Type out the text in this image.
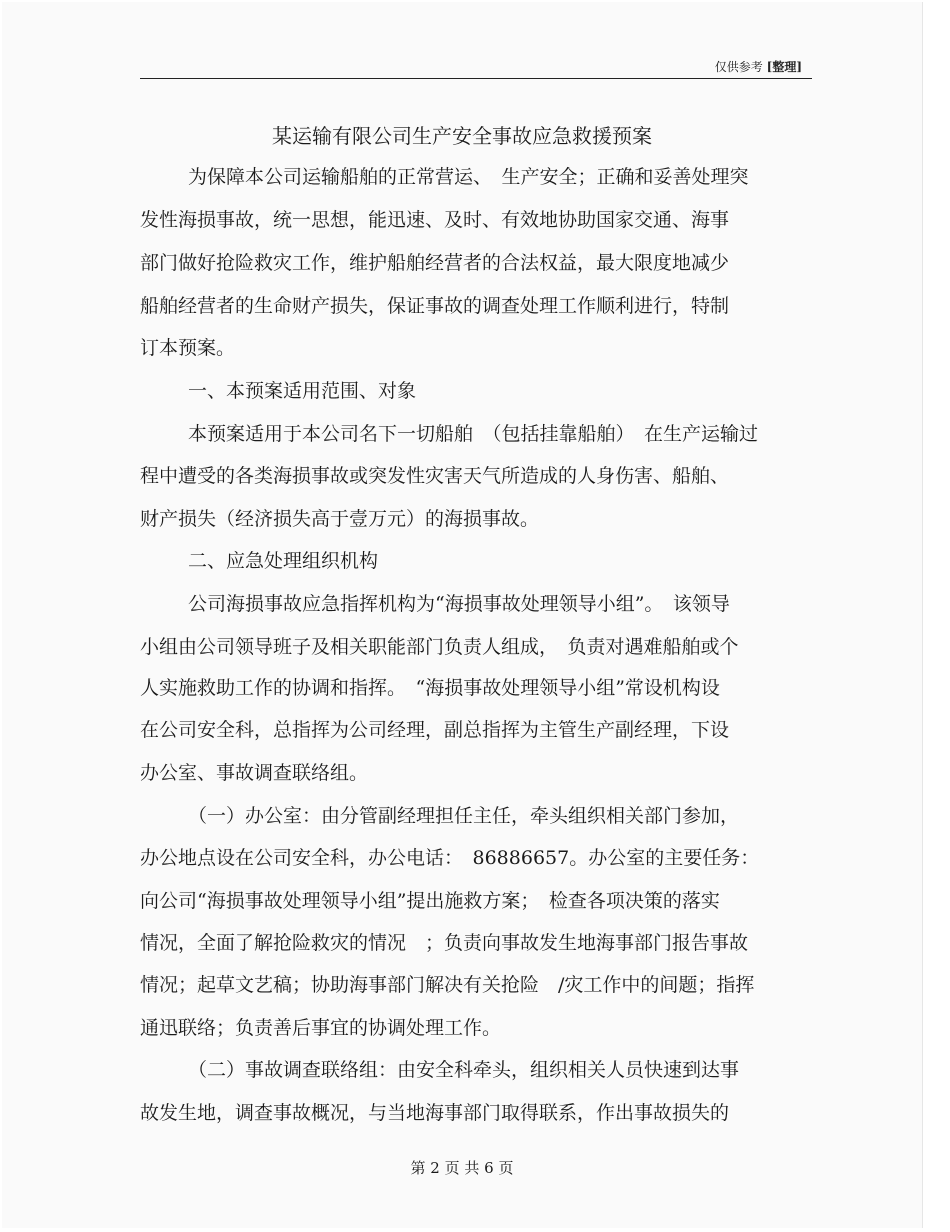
仅供参考 [整理]
某运输有限公司生产安全事故应急救援预案
为保障本公司运输船舶的正常营运、　生产安全；正确和妥善处理突
发性海损事故，统一思想，能迅速、及时、有效地协助国家交通、海事
部门做好抢险救灾工作，维护船舶经营者的合法权益，最大限度地减少
船舶经营者的生命财产损失，保证事故的调查处理工作顺利进行，特制
订本预案。
一、本预案适用范围、对象
本预案适用于本公司名下一切船舶　（包括挂靠船舶）　在生产运输过
程中遭受的各类海损事故或突发性灾害天气所造成的人身伤害、船舶、
财产损失（经济损失高于壹万元）的海损事故。
二、应急处理组织机构
公司海损事故应急指挥机构为“海损事故处理领导小组”。　该领导
小组由公司领导班子及相关职能部门负责人组成，　负责对遇难船舶或个
人实施救助工作的协调和指挥。　“海损事故处理领导小组”常设机构设
在公司安全科，总指挥为公司经理，副总指挥为主管生产副经理，下设
办公室、事故调查联络组。
（一）办公室：由分管副经理担任主任，牵头组织相关部门参加，
办公地点设在公司安全科，办公电话：　86886657。办公室的主要任务：
向公司“海损事故处理领导小组”提出施救方案；　检查各项决策的落实
情况，全面了解抢险救灾的情况　；负责向事故发生地海事部门报告事故
情况；起草文艺稿；协助海事部门解决有关抢险　/灾工作中的间题；指挥
通迅联络；负责善后事宜的协调处理工作。
（二）事故调查联络组：由安全科牵头，组织相关人员快速到达事
故发生地，调查事故概况，与当地海事部门取得联系，作出事故损失的
第 2 页 共 6 页
